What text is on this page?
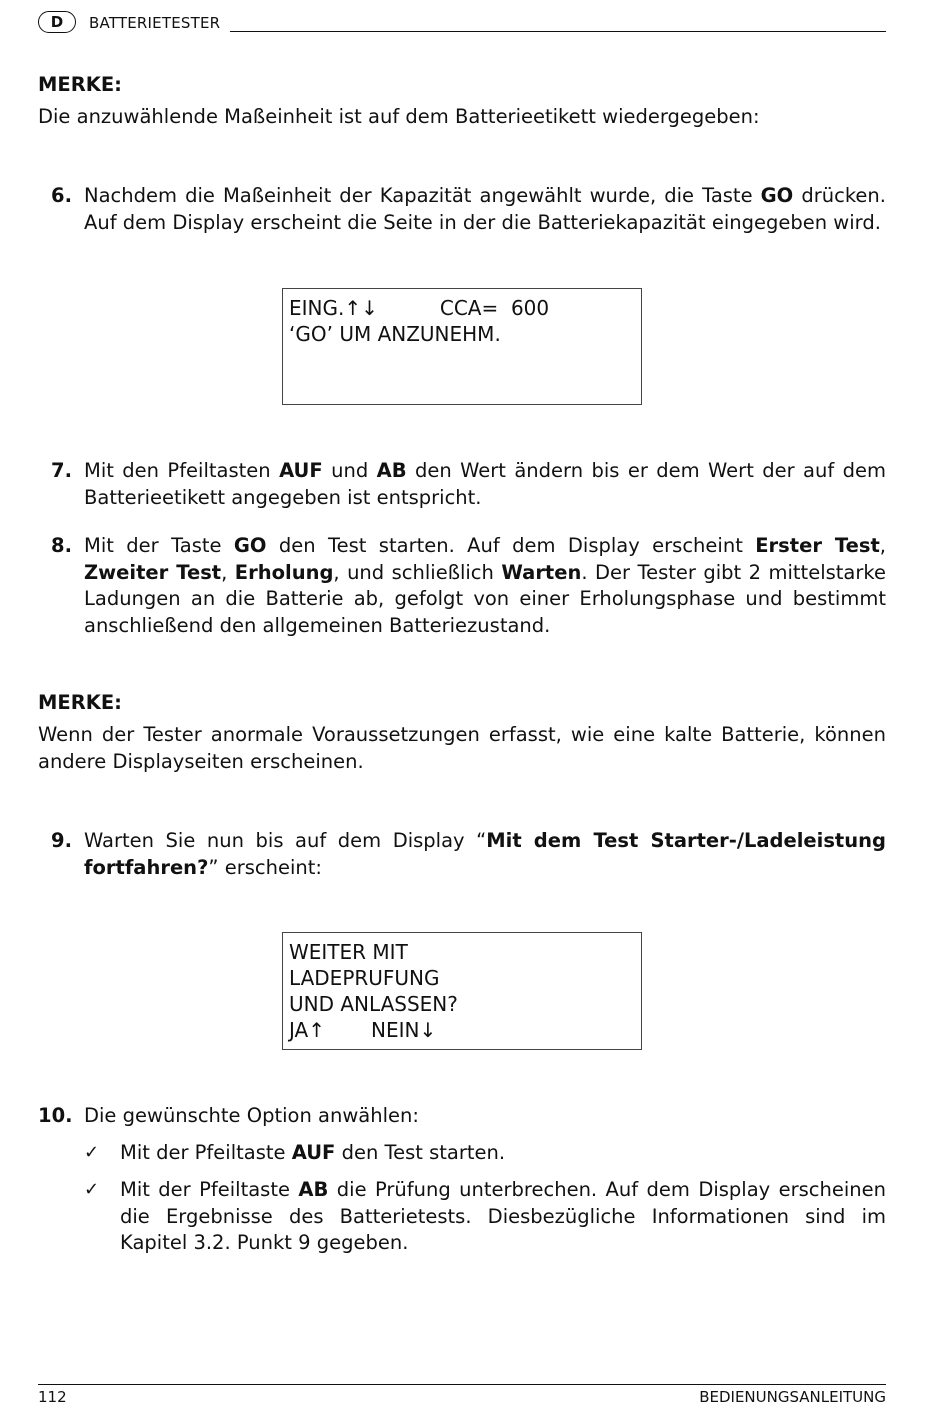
D	BATTERIETESTER
MERKE:
Die anzuwählende Maßeinheit ist auf dem Batterieetikett wiedergegeben:
6. Nachdem die Maßeinheit der Kapazität angewählt wurde, die Taste GO drücken. Auf dem Display erscheint die Seite in der die Batteriekapazität eingegeben wird.
EING.↑↓	CCA=  600
‘GO’ UM ANZUNEHM.
7. Mit den Pfeiltasten AUF und AB den Wert ändern bis er dem Wert der auf dem Batterieetikett angegeben ist entspricht.
8. Mit der Taste GO den Test starten. Auf dem Display erscheint Erster Test, Zweiter Test, Erholung, und schließlich Warten. Der Tester gibt 2 mittelstarke Ladungen an die Batterie ab, gefolgt von einer Erholungsphase und bestimmt anschließend den allgemeinen Batteriezustand.
MERKE:
Wenn der Tester anormale Voraussetzungen erfasst, wie eine kalte Batterie, können andere Displayseiten erscheinen.
9. Warten Sie nun bis auf dem Display “Mit dem Test Starter-/Ladeleistung fortfahren?” erscheint:
WEITER MIT
LADEPRUFUNG
UND ANLASSEN?
JA↑ NEIN↓
10. Die gewünschte Option anwählen:
✓	Mit der Pfeiltaste AUF den Test starten.
✓	Mit der Pfeiltaste AB die Prüfung unterbrechen. Auf dem Display erscheinen die Ergebnisse des Batterietests. Diesbezügliche Informationen sind im Kapitel 3.2. Punkt 9 gegeben.
112	BEDIENUNGSANLEITUNG
